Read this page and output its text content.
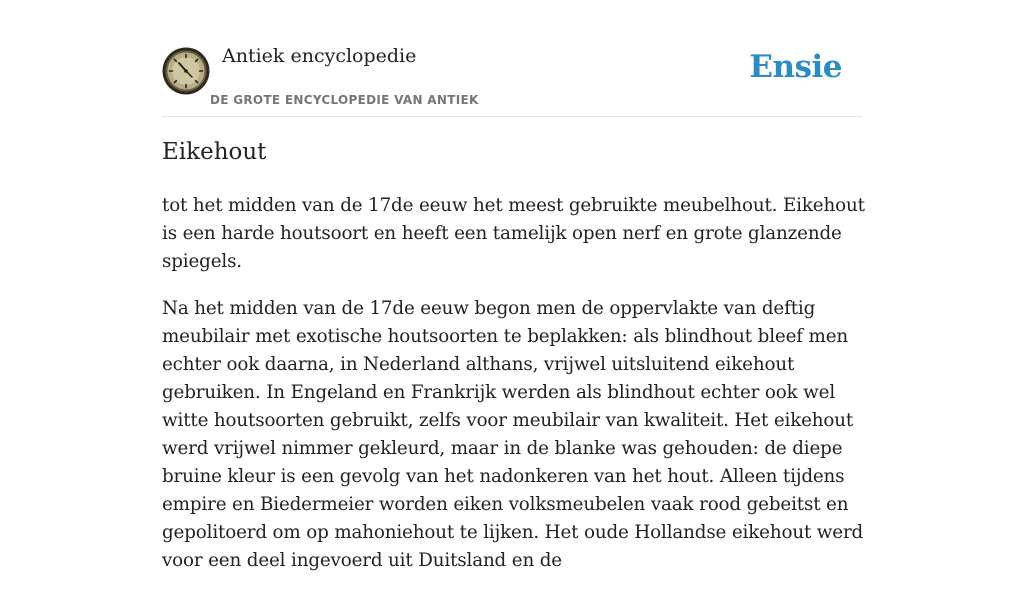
Antiek encyclopedie
DE GROTE ENCYCLOPEDIE VAN ANTIEK
Ensie
Eikehout

tot het midden van de 17de eeuw het meest gebruikte meubelhout. Eikehout is een harde houtsoort en heeft een tamelijk open nerf en grote glanzende spiegels.

Na het midden van de 17de eeuw begon men de oppervlakte van deftig meubilair met exotische houtsoorten te beplakken: als blindhout bleef men echter ook daarna, in Nederland althans, vrijwel uitsluitend eikehout gebruiken. In Engeland en Frankrijk werden als blindhout echter ook wel witte houtsoorten gebruikt, zelfs voor meubilair van kwaliteit. Het eikehout werd vrijwel nimmer gekleurd, maar in de blanke was gehouden: de diepe bruine kleur is een gevolg van het nadonkeren van het hout. Alleen tijdens empire en Biedermeier worden eiken volksmeubelen vaak rood gebeitst en gepolitoerd om op mahoniehout te lijken. Het oude Hollandse eikehout werd voor een deel ingevoerd uit Duitsland en de
